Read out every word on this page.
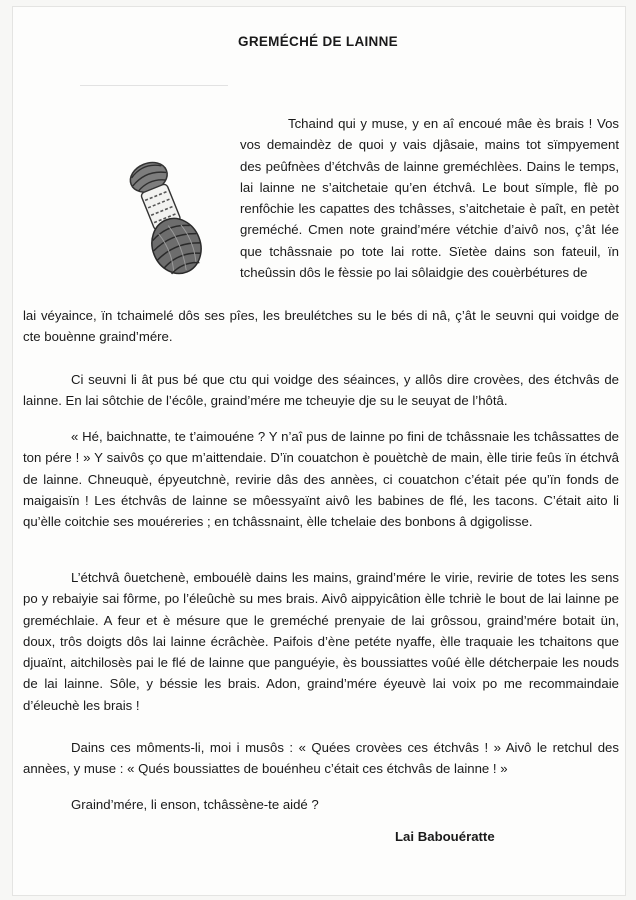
GREMÉCHÉ DE LAINNE

Tchaind qui y muse, y en aî encoué mâe ès brais ! Vos vos demaindèz de quoi y vais djâsaie, mains tot sïmpyement des peûfnèes d’étchvâs de lainne greméchlèes. Dains le temps, lai lainne ne s’aitchetaie qu’en étchvâ. Le bout sïmple, flè po renfôchie les capattes des tchâsses, s’aitchetaie è paît, en petèt greméché. Cmen note graind’mére vétchie d’aivô nos, ç’ât lée que tchâssnaie po tote lai rotte. Sïetèe dains son fateuil, ïn tcheûssin dôs le fèssie po lai sôlaidgie des couèrbétures de

lai véyaince, ïn tchaimelé dôs ses pîes, les breulétches su le bés di nâ, ç’ât le seuvni qui voidge de cte bouènne graind’mére.

Ci seuvni li ât pus bé que ctu qui voidge des séainces, y allôs dire crovèes, des étchvâs de lainne. En lai sôtchie de l’écôle, graind’mére me tcheuyie dje su le seuyat de l’hôtâ.

« Hé, baichnatte, te t’aimouéne ? Y n’aî pus de lainne po fini de tchâssnaie les tchâssattes de ton pére ! » Y saivôs ço que m’aittendaie. D’ïn couatchon è pouètchè de main, èlle tirie feûs ïn étchvâ de lainne. Chneuquè, épyeutchnè, revirie dâs des annèes, ci couatchon c’était pée qu’ïn fonds de maigaisïn ! Les étchvâs de lainne se môessyaïnt aivô les babines de flé, les tacons. C’était aito li qu’èlle coitchie ses mouéreries ; en tchâssnaint, èlle tchelaie des bonbons â dgigolisse.

L’étchvâ ôuetchenè, embouélè dains les mains, graind’mére le virie, revirie de totes les sens po y rebaiyie sai fôrme, po l’éleûchè su mes brais. Aivô aippyicâtion èlle tchriè le bout de lai lainne pe greméchlaie. A feur et è mésure que le greméché prenyaie de lai grôssou, graind’mére botait ün, doux, trôs doigts dôs lai lainne écrâchèe. Paifois d’ène petéte nyaffe, èlle traquaie les tchaitons que djuaïnt, aitchilosès pai le flé de lainne que panguéyie, ès boussiattes voûé èlle détcherpaie les nouds de lai lainne. Sôle, y béssie les brais. Adon, graind’mére éyeuvè lai voix po me recommaindaie d’éleuchè les brais !

Dains ces môments-li, moi i musôs : « Quées crovèes ces étchvâs ! » Aivô le retchul des annèes, y muse : « Qués boussiattes de bouénheu c’était ces étchvâs de lainne ! »

Graind’mére, li enson, tchâssène-te aidé ?

Lai Babouératte
